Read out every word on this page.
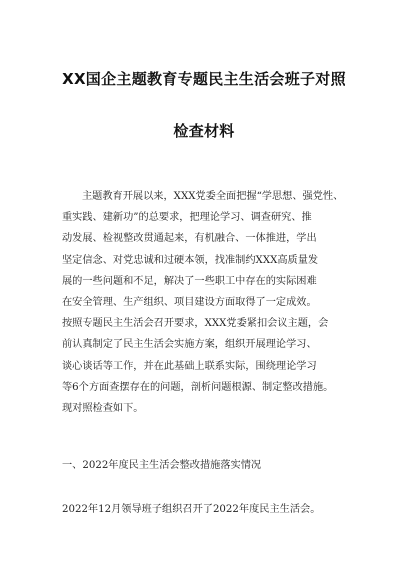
XX国企主题教育专题民主生活会班子对照
检查材料
主题教育开展以来，XXX党委全面把握“学思想、强党性、
重实践、建新功”的总要求，把理论学习、调查研究、推
动发展、检视整改贯通起来，有机融合、一体推进，学出
坚定信念、对党忠诚和过硬本领，找准制约XXX高质量发
展的一些问题和不足，解决了一些职工中存在的实际困难
在安全管理、生产组织、项目建设方面取得了一定成效。
按照专题民主生活会召开要求，XXX党委紧扣会议主题，会
前认真制定了民主生活会实施方案，组织开展理论学习、
谈心谈话等工作，并在此基础上联系实际，围绕理论学习
等6个方面查摆存在的问题，剖析问题根源、制定整改措施。
现对照检查如下。
一、2022年度民主生活会整改措施落实情况
2022年12月领导班子组织召开了2022年度民主生活会。
